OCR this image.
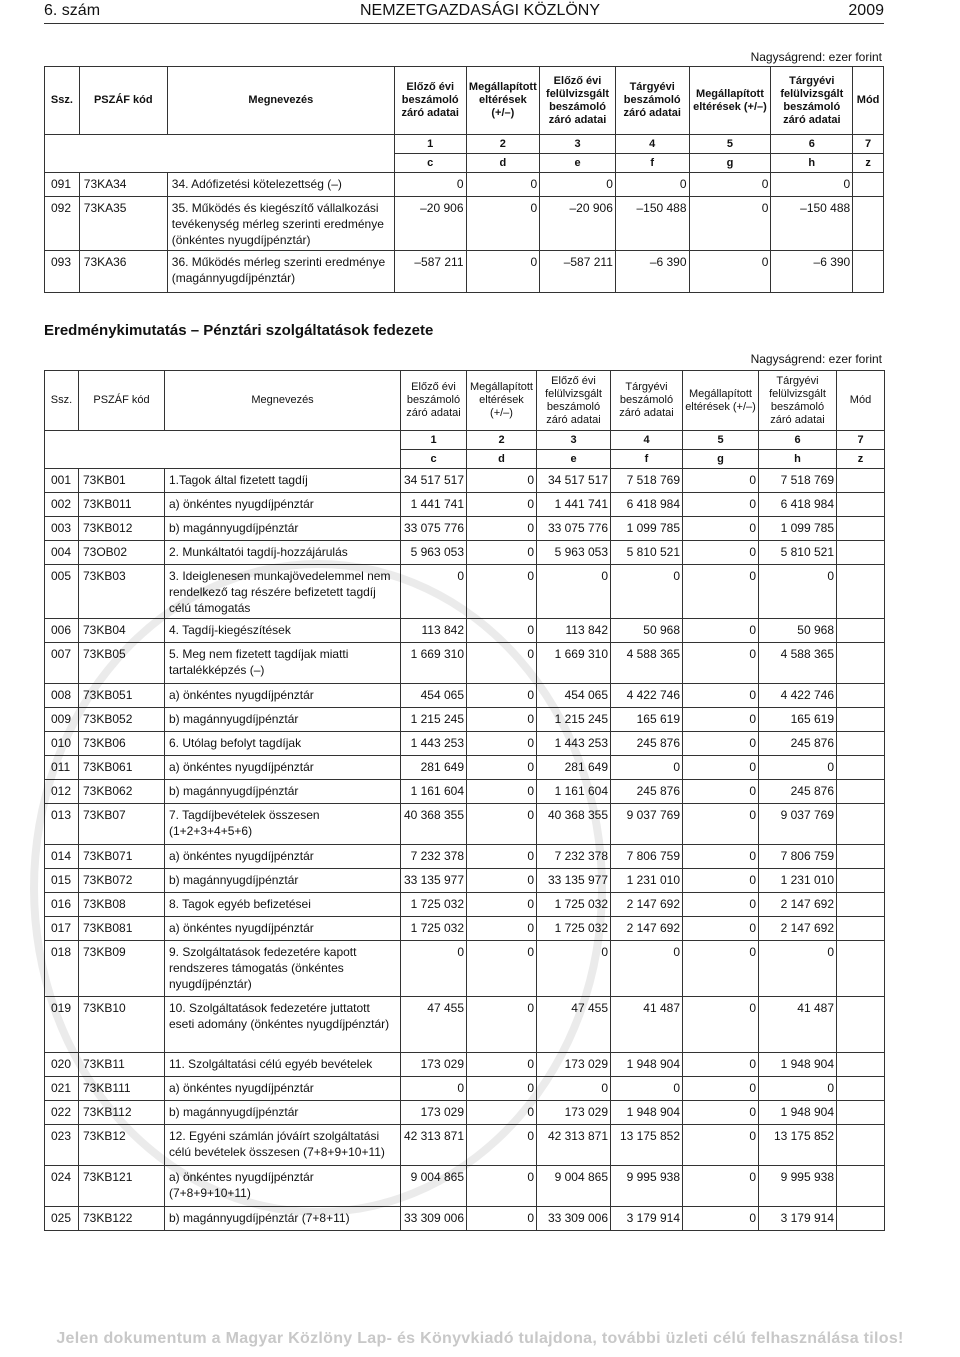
6. szám	NEMZETGAZDASÁGI KÖZLÖNY	2009
Nagyságrend: ezer forint
Ssz.	PSZÁF kód	Megnevezés	Előző évi beszámoló záró adatai	Megállapított eltérések (+/–)	Előző évi felülvizsgált beszámoló záró adatai	Tárgyévi beszámoló záró adatai	Megállapított eltérések (+/–)	Tárgyévi felülvizsgált beszámoló záró adatai	Mód
			1	2	3	4	5	6	7
			c	d	e	f	g	h	z
091	73KA34	34. Adófizetési kötelezettség (–)	0	0	0	0	0	0	
092	73KA35	35. Működés és kiegészítő vállalkozási tevékenység mérleg szerinti eredménye (önkéntes nyugdíjpénztár)	–20 906	0	–20 906	–150 488	0	–150 488	
093	73KA36	36. Működés mérleg szerinti eredménye (magánnyugdíjpénztár)	–587 211	0	–587 211	–6 390	0	–6 390	
Eredménykimutatás – Pénztári szolgáltatások fedezete
Nagyságrend: ezer forint
Ssz.	PSZÁF kód	Megnevezés	Előző évi beszámoló záró adatai	Megállapított eltérések (+/–)	Előző évi felülvizsgált beszámoló záró adatai	Tárgyévi beszámoló záró adatai	Megállapított eltérések (+/–)	Tárgyévi felülvizsgált beszámoló záró adatai	Mód
			1	2	3	4	5	6	7
			c	d	e	f	g	h	z
001	73KB01	1.Tagok által fizetett tagdíj	34 517 517	0	34 517 517	7 518 769	0	7 518 769	
002	73KB011	a) önkéntes nyugdíjpénztár	1 441 741	0	1 441 741	6 418 984	0	6 418 984	
003	73KB012	b) magánnyugdíjpénztár	33 075 776	0	33 075 776	1 099 785	0	1 099 785	
004	73OB02	2. Munkáltatói tagdíj-hozzájárulás	5 963 053	0	5 963 053	5 810 521	0	5 810 521	
005	73KB03	3. Ideiglenesen munkajövedelemmel nem rendelkező tag részére befizetett tagdíj célú támogatás	0	0	0	0	0	0	
006	73KB04	4. Tagdíj-kiegészítések	113 842	0	113 842	50 968	0	50 968	
007	73KB05	5. Meg nem fizetett tagdíjak miatti tartalékképzés (–)	1 669 310	0	1 669 310	4 588 365	0	4 588 365	
008	73KB051	a) önkéntes nyugdíjpénztár	454 065	0	454 065	4 422 746	0	4 422 746	
009	73KB052	b) magánnyugdíjpénztár	1 215 245	0	1 215 245	165 619	0	165 619	
010	73KB06	6. Utólag befolyt tagdíjak	1 443 253	0	1 443 253	245 876	0	245 876	
011	73KB061	a) önkéntes nyugdíjpénztár	281 649	0	281 649	0	0	0	
012	73KB062	b) magánnyugdíjpénztár	1 161 604	0	1 161 604	245 876	0	245 876	
013	73KB07	7. Tagdíjbevételek összesen (1+2+3+4+5+6)	40 368 355	0	40 368 355	9 037 769	0	9 037 769	
014	73KB071	a) önkéntes nyugdíjpénztár	7 232 378	0	7 232 378	7 806 759	0	7 806 759	
015	73KB072	b) magánnyugdíjpénztár	33 135 977	0	33 135 977	1 231 010	0	1 231 010	
016	73KB08	8. Tagok egyéb befizetései	1 725 032	0	1 725 032	2 147 692	0	2 147 692	
017	73KB081	a) önkéntes nyugdíjpénztár	1 725 032	0	1 725 032	2 147 692	0	2 147 692	
018	73KB09	9. Szolgáltatások fedezetére kapott rendszeres támogatás (önkéntes nyugdíjpénztár)	0	0	0	0	0	0	
019	73KB10	10. Szolgáltatások fedezetére juttatott eseti adomány (önkéntes nyugdíjpénztár)	47 455	0	47 455	41 487	0	41 487	
020	73KB11	11. Szolgáltatási célú egyéb bevételek	173 029	0	173 029	1 948 904	0	1 948 904	
021	73KB111	a) önkéntes nyugdíjpénztár	0	0	0	0	0	0	
022	73KB112	b) magánnyugdíjpénztár	173 029	0	173 029	1 948 904	0	1 948 904	
023	73KB12	12. Egyéni számlán jóváírt szolgáltatási célú bevételek összesen (7+8+9+10+11)	42 313 871	0	42 313 871	13 175 852	0	13 175 852	
024	73KB121	a) önkéntes nyugdíjpénztár (7+8+9+10+11)	9 004 865	0	9 004 865	9 995 938	0	9 995 938	
025	73KB122	b) magánnyugdíjpénztár (7+8+11)	33 309 006	0	33 309 006	3 179 914	0	3 179 914	
Jelen dokumentum a Magyar Közlöny Lap- és Könyvkiadó tulajdona, további üzleti célú felhasználása tilos!
